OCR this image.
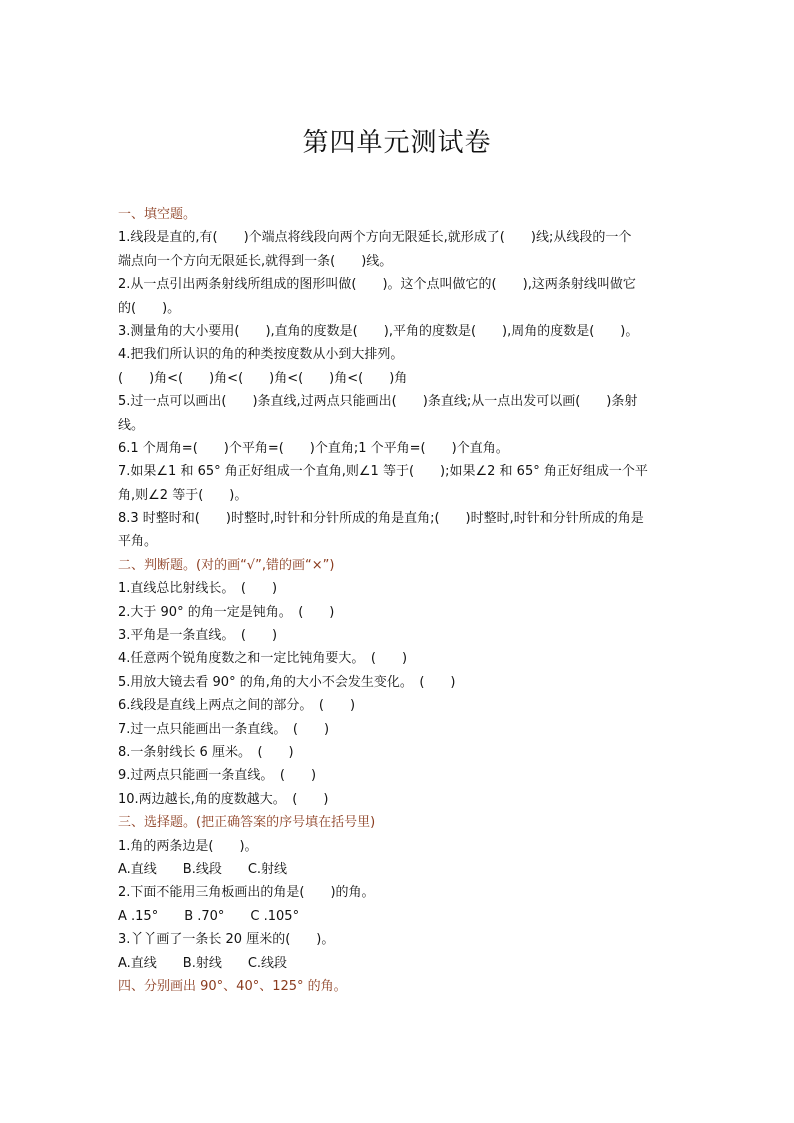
第四单元测试卷
一、填空题。
1.线段是直的,有(　　)个端点将线段向两个方向无限延长,就形成了(　　)线;从线段的一个
端点向一个方向无限延长,就得到一条(　　)线。
2.从一点引出两条射线所组成的图形叫做(　　)。这个点叫做它的(　　),这两条射线叫做它
的(　　)。
3.测量角的大小要用(　　),直角的度数是(　　),平角的度数是(　　),周角的度数是(　　)。
4.把我们所认识的角的种类按度数从小到大排列。
(　　)角<(　　)角<(　　)角<(　　)角<(　　)角
5.过一点可以画出(　　)条直线,过两点只能画出(　　)条直线;从一点出发可以画(　　)条射
线。
6.1 个周角=(　　)个平角=(　　)个直角;1 个平角=(　　)个直角。
7.如果∠1 和 65° 角正好组成一个直角,则∠1 等于(　　);如果∠2 和 65° 角正好组成一个平
角,则∠2 等于(　　)。
8.3 时整时和(　　)时整时,时针和分针所成的角是直角;(　　)时整时,时针和分针所成的角是
平角。
二、判断题。(对的画“√”,错的画“×”)
1.直线总比射线长。　(　　)
2.大于 90° 的角一定是钝角。　(　　)
3.平角是一条直线。　(　　)
4.任意两个锐角度数之和一定比钝角要大。　(　　)
5.用放大镜去看 90° 的角,角的大小不会发生变化。　(　　)
6.线段是直线上两点之间的部分。　(　　)
7.过一点只能画出一条直线。　(　　)
8.一条射线长 6 厘米。　(　　)
9.过两点只能画一条直线。　(　　)
10.两边越长,角的度数越大。　(　　)
三、选择题。(把正确答案的序号填在括号里)
1.角的两条边是(　　)。
A.直线　　B.线段　　C.射线
2.下面不能用三角板画出的角是(　　)的角。
A .15°　　B .70°　　C .105°
3.丫丫画了一条长 20 厘米的(　　)。
A.直线　　B.射线　　C.线段
四、分别画出 90°、40°、125° 的角。
